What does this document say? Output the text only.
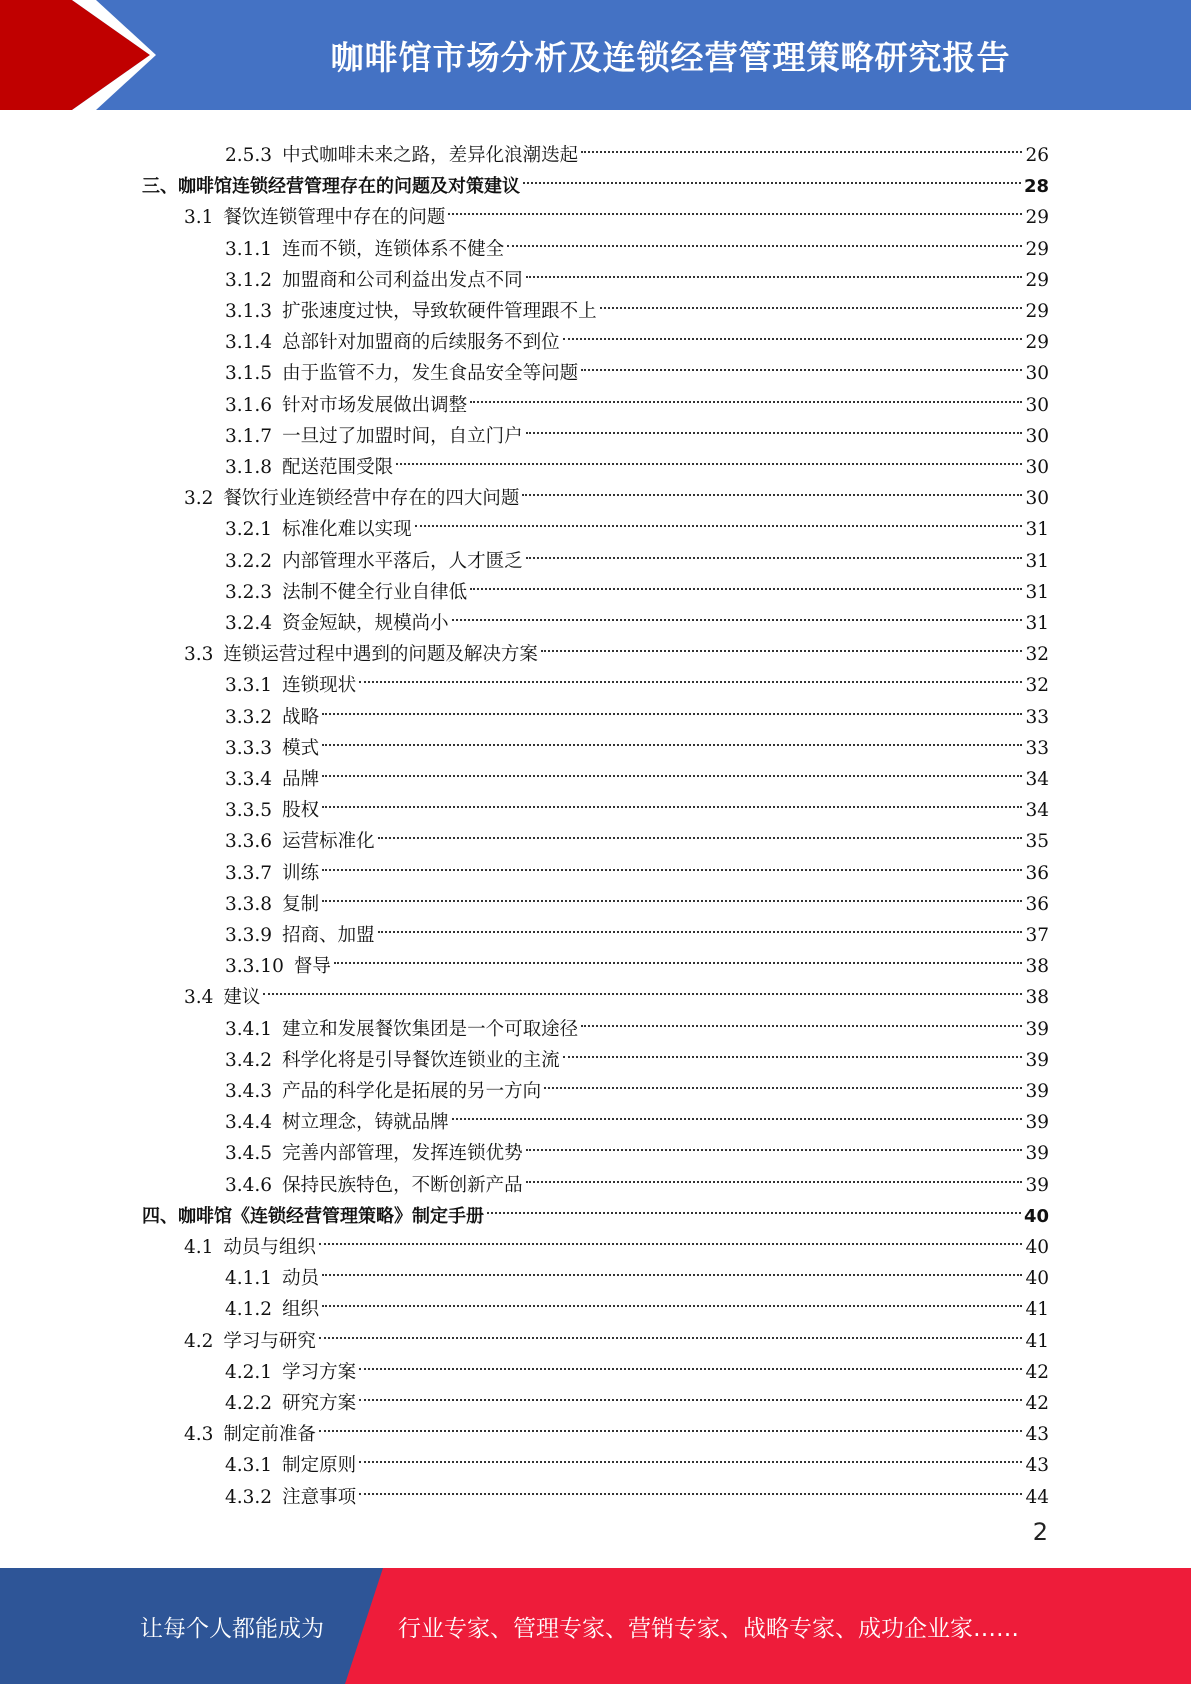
咖啡馆市场分析及连锁经营管理策略研究报告
2.5.3 中式咖啡未来之路，差异化浪潮迭起	26
三、咖啡馆连锁经营管理存在的问题及对策建议	28
3.1 餐饮连锁管理中存在的问题	29
3.1.1 连而不锁，连锁体系不健全	29
3.1.2 加盟商和公司利益出发点不同	29
3.1.3 扩张速度过快，导致软硬件管理跟不上	29
3.1.4 总部针对加盟商的后续服务不到位	29
3.1.5 由于监管不力，发生食品安全等问题	30
3.1.6 针对市场发展做出调整	30
3.1.7 一旦过了加盟时间，自立门户	30
3.1.8 配送范围受限	30
3.2 餐饮行业连锁经营中存在的四大问题	30
3.2.1 标准化难以实现	31
3.2.2 内部管理水平落后，人才匮乏	31
3.2.3 法制不健全行业自律低	31
3.2.4 资金短缺，规模尚小	31
3.3 连锁运营过程中遇到的问题及解决方案	32
3.3.1 连锁现状	32
3.3.2 战略	33
3.3.3 模式	33
3.3.4 品牌	34
3.3.5 股权	34
3.3.6 运营标准化	35
3.3.7 训练	36
3.3.8 复制	36
3.3.9 招商、加盟	37
3.3.10 督导	38
3.4 建议	38
3.4.1 建立和发展餐饮集团是一个可取途径	39
3.4.2 科学化将是引导餐饮连锁业的主流	39
3.4.3 产品的科学化是拓展的另一方向	39
3.4.4 树立理念，铸就品牌	39
3.4.5 完善内部管理，发挥连锁优势	39
3.4.6 保持民族特色，不断创新产品	39
四、咖啡馆《连锁经营管理策略》制定手册	40
4.1 动员与组织	40
4.1.1 动员	40
4.1.2 组织	41
4.2 学习与研究	41
4.2.1 学习方案	42
4.2.2 研究方案	42
4.3 制定前准备	43
4.3.1 制定原则	43
4.3.2 注意事项	44
2
让每个人都能成为	行业专家、管理专家、营销专家、战略专家、成功企业家……
